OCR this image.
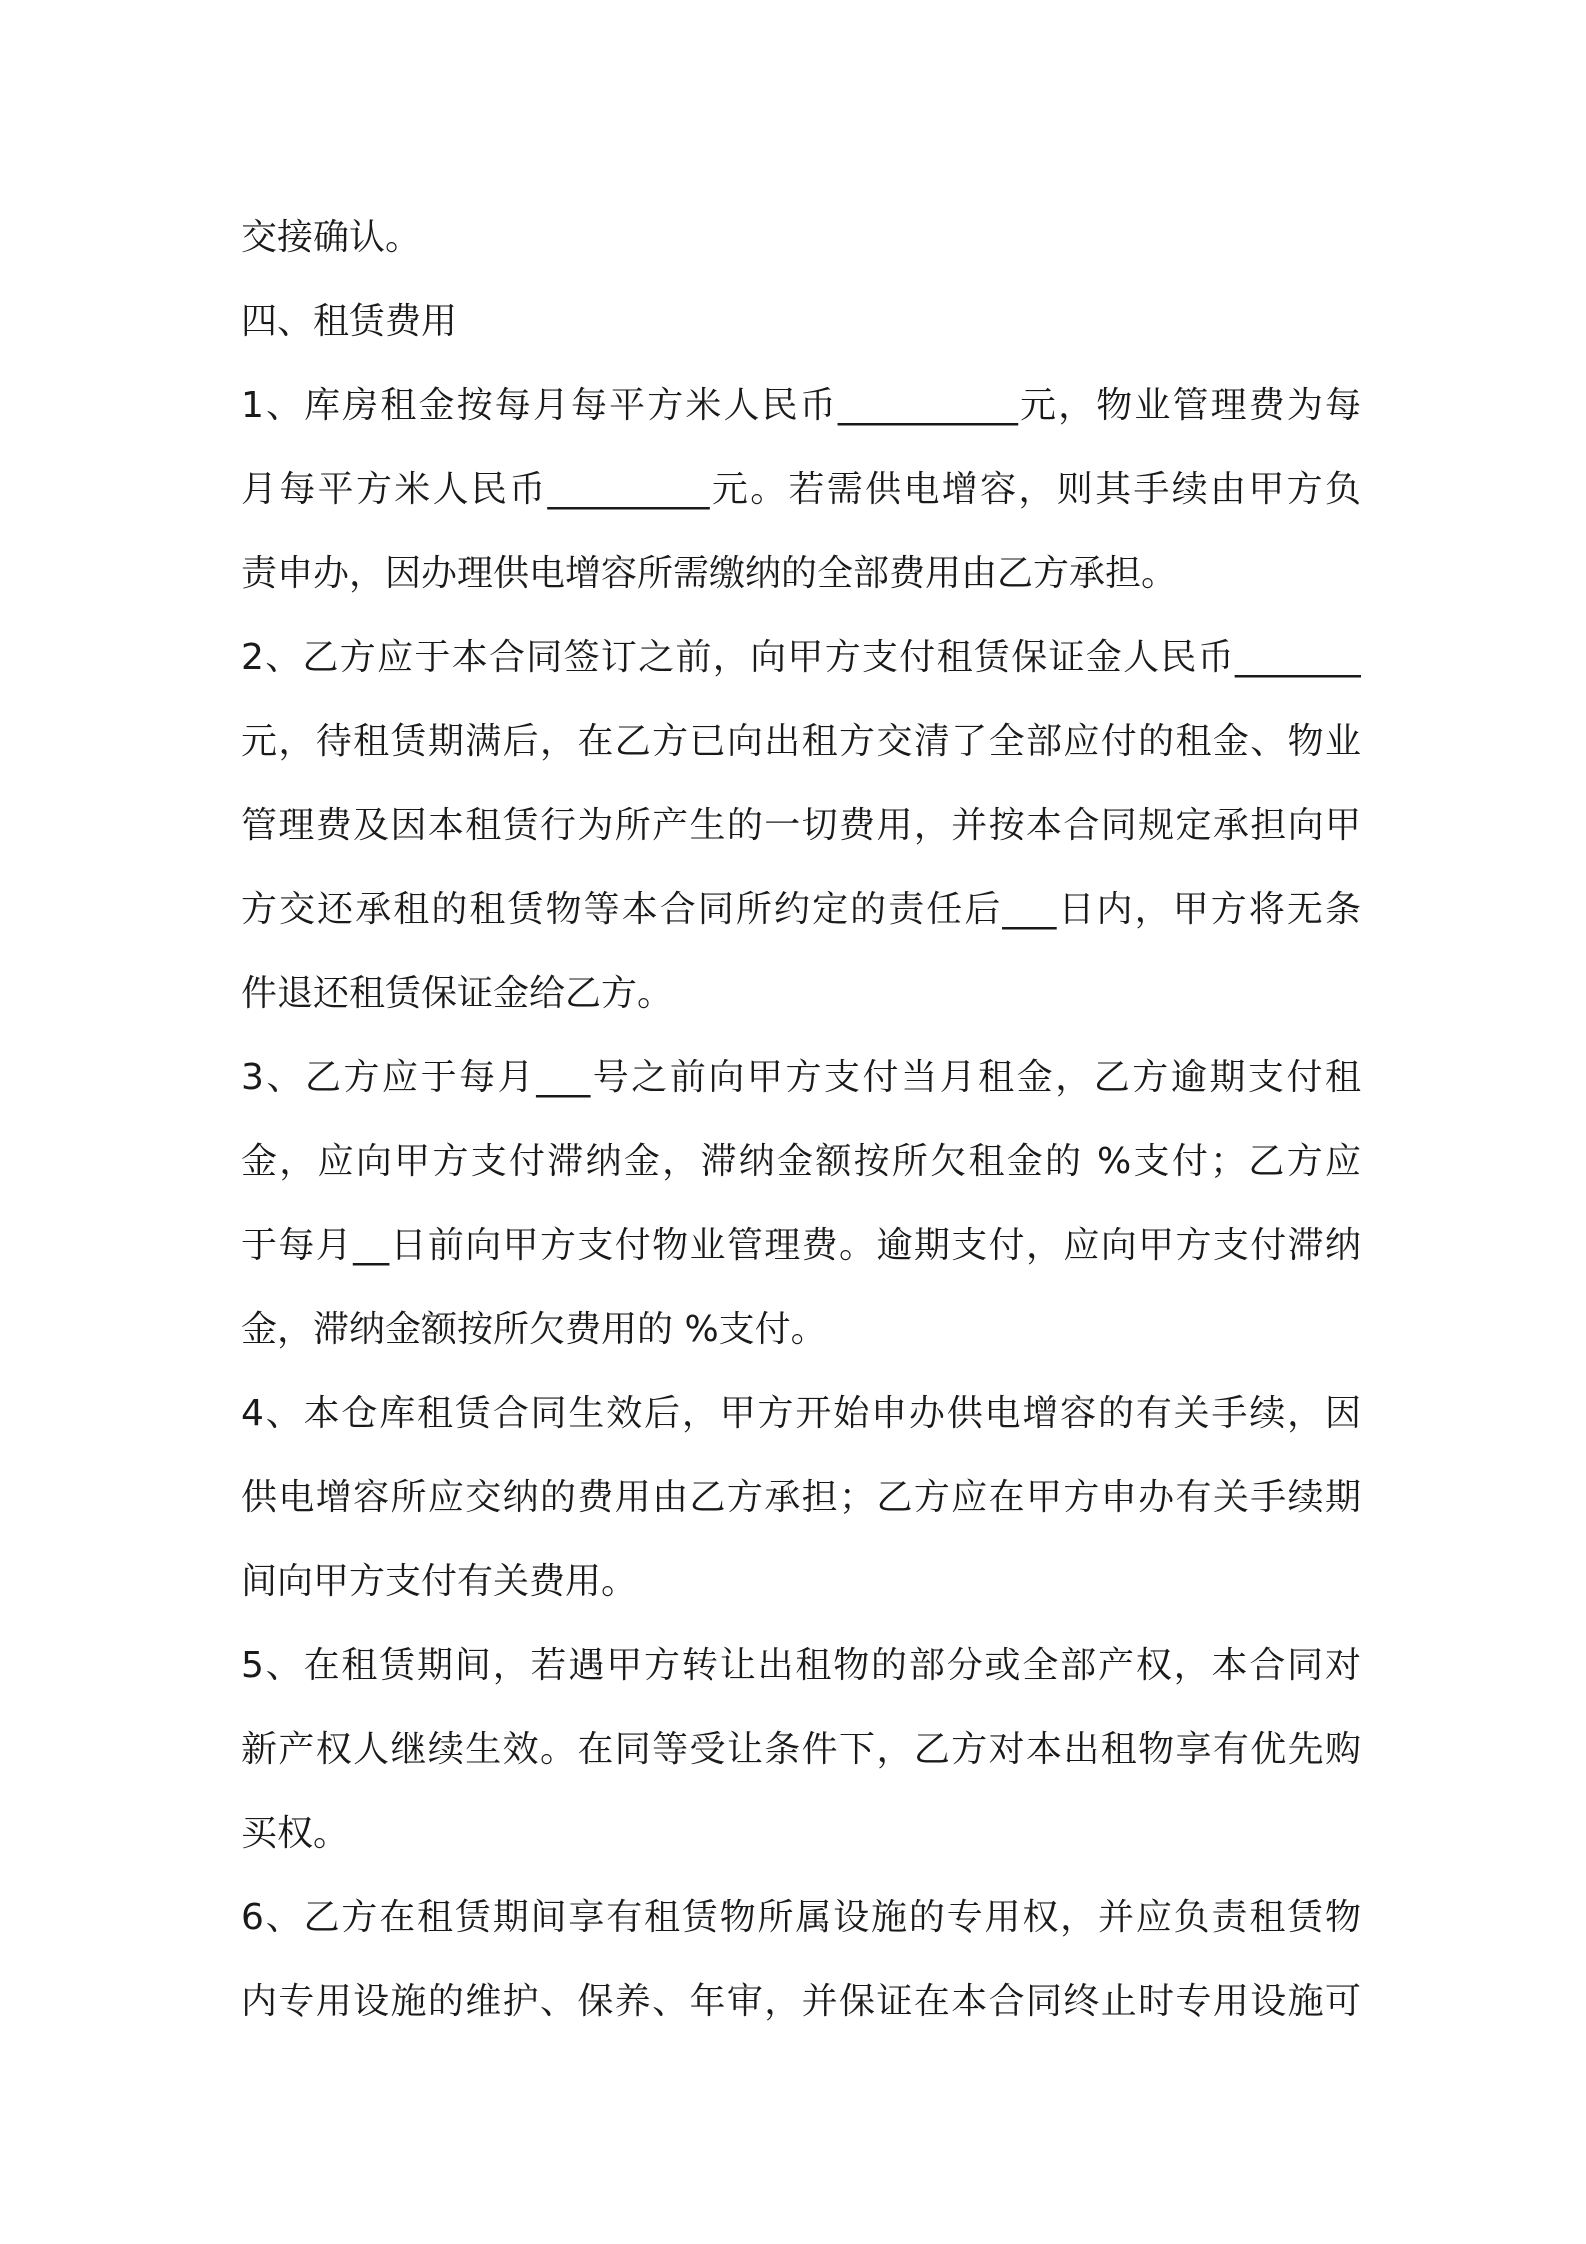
交接确认。
四、租赁费用
1、库房租金按每月每平方米人民币__________元，物业管理费为每
月每平方米人民币_________元。若需供电增容，则其手续由甲方负
责申办，因办理供电增容所需缴纳的全部费用由乙方承担。
2、乙方应于本合同签订之前，向甲方支付租赁保证金人民币_______
元，待租赁期满后，在乙方已向出租方交清了全部应付的租金、物业
管理费及因本租赁行为所产生的一切费用，并按本合同规定承担向甲
方交还承租的租赁物等本合同所约定的责任后___日内，甲方将无条
件退还租赁保证金给乙方。
3、乙方应于每月___号之前向甲方支付当月租金，乙方逾期支付租
金，应向甲方支付滞纳金，滞纳金额按所欠租金的 %支付；乙方应
于每月__日前向甲方支付物业管理费。逾期支付，应向甲方支付滞纳
金，滞纳金额按所欠费用的 %支付。
4、本仓库租赁合同生效后，甲方开始申办供电增容的有关手续，因
供电增容所应交纳的费用由乙方承担；乙方应在甲方申办有关手续期
间向甲方支付有关费用。
5、在租赁期间，若遇甲方转让出租物的部分或全部产权，本合同对
新产权人继续生效。在同等受让条件下，乙方对本出租物享有优先购
买权。
6、乙方在租赁期间享有租赁物所属设施的专用权，并应负责租赁物
内专用设施的维护、保养、年审，并保证在本合同终止时专用设施可
